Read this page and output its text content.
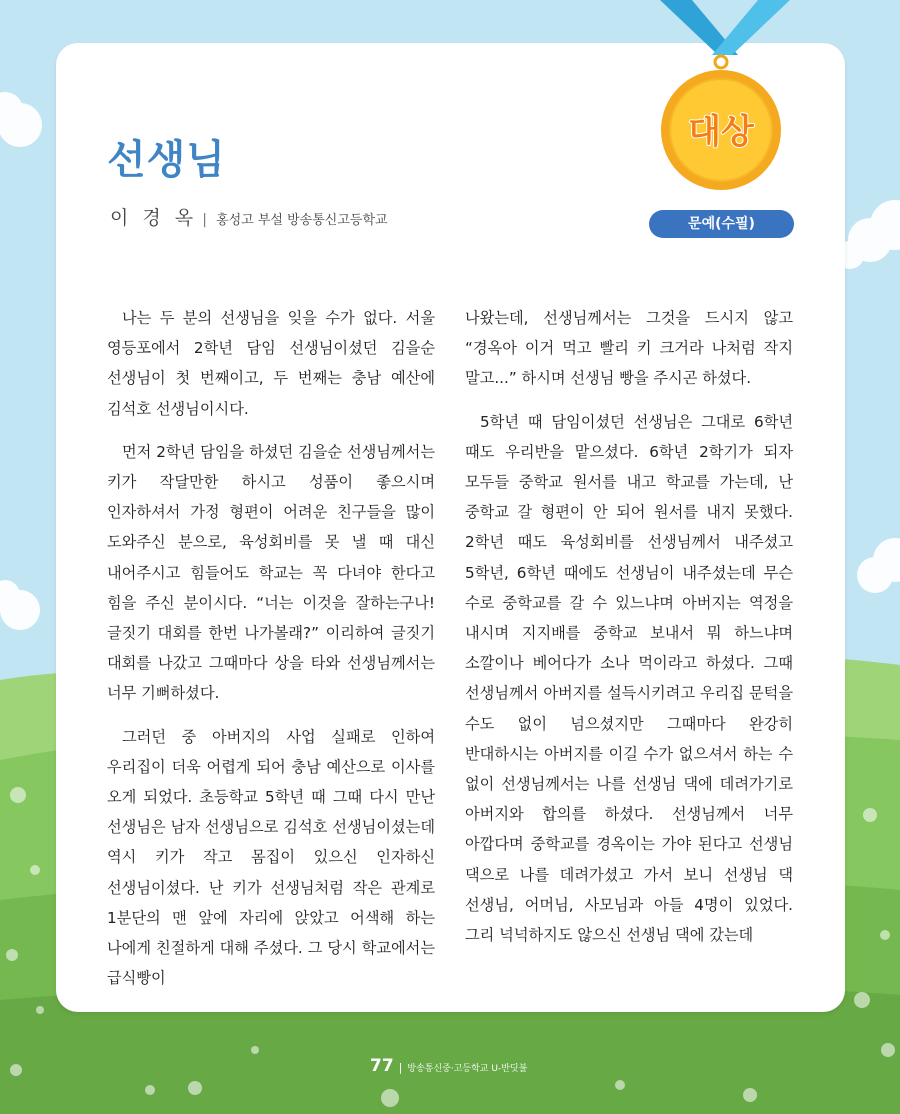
대상
선생님
이 경 옥 | 홍성고 부설 방송통신고등학교	문예(수필)

나는 두 분의 선생님을 잊을 수가 없다. 서울 영등포에서 2학년 담임 선생님이셨던 김을순 선생님이 첫 번째이고, 두 번째는 충남 예산에 김석호 선생님이시다.

먼저 2학년 담임을 하셨던 김을순 선생님께서는 키가 작달만한 하시고 성품이 좋으시며 인자하셔서 가정 형편이 어려운 친구들을 많이 도와주신 분으로, 육성회비를 못 낼 때 대신 내어주시고 힘들어도 학교는 꼭 다녀야 한다고 힘을 주신 분이시다. “너는 이것을 잘하는구나! 글짓기 대회를 한번 나가볼래?” 이리하여 글짓기 대회를 나갔고 그때마다 상을 타와 선생님께서는 너무 기뻐하셨다.

그러던 중 아버지의 사업 실패로 인하여 우리집이 더욱 어렵게 되어 충남 예산으로 이사를 오게 되었다. 초등학교 5학년 때 그때 다시 만난 선생님은 남자 선생님으로 김석호 선생님이셨는데 역시 키가 작고 몸집이 있으신 인자하신 선생님이셨다. 난 키가 선생님처럼 작은 관계로 1분단의 맨 앞에 자리에 앉았고 어색해 하는 나에게 친절하게 대해 주셨다. 그 당시 학교에서는 급식빵이

나왔는데, 선생님께서는 그것을 드시지 않고 “경옥아 이거 먹고 빨리 키 크거라 나처럼 작지 말고...” 하시며 선생님 빵을 주시곤 하셨다.

5학년 때 담임이셨던 선생님은 그대로 6학년 때도 우리반을 맡으셨다. 6학년 2학기가 되자 모두들 중학교 원서를 내고 학교를 가는데, 난 중학교 갈 형편이 안 되어 원서를 내지 못했다. 2학년 때도 육성회비를 선생님께서 내주셨고 5학년, 6학년 때에도 선생님이 내주셨는데 무슨 수로 중학교를 갈 수 있느냐며 아버지는 역정을 내시며 지지배를 중학교 보내서 뭐 하느냐며 소깔이나 베어다가 소나 먹이라고 하셨다. 그때 선생님께서 아버지를 설득시키려고 우리집 문턱을 수도 없이 넘으셨지만 그때마다 완강히 반대하시는 아버지를 이길 수가 없으셔서 하는 수 없이 선생님께서는 나를 선생님 댁에 데려가기로 아버지와 합의를 하셨다. 선생님께서 너무 아깝다며 중학교를 경옥이는 가야 된다고 선생님 댁으로 나를 데려가셨고 가서 보니 선생님 댁 선생님, 어머님, 사모님과 아들 4명이 있었다. 그리 넉넉하지도 않으신 선생님 댁에 갔는데

77 | 방송통신중·고등학교 U-반딧불
